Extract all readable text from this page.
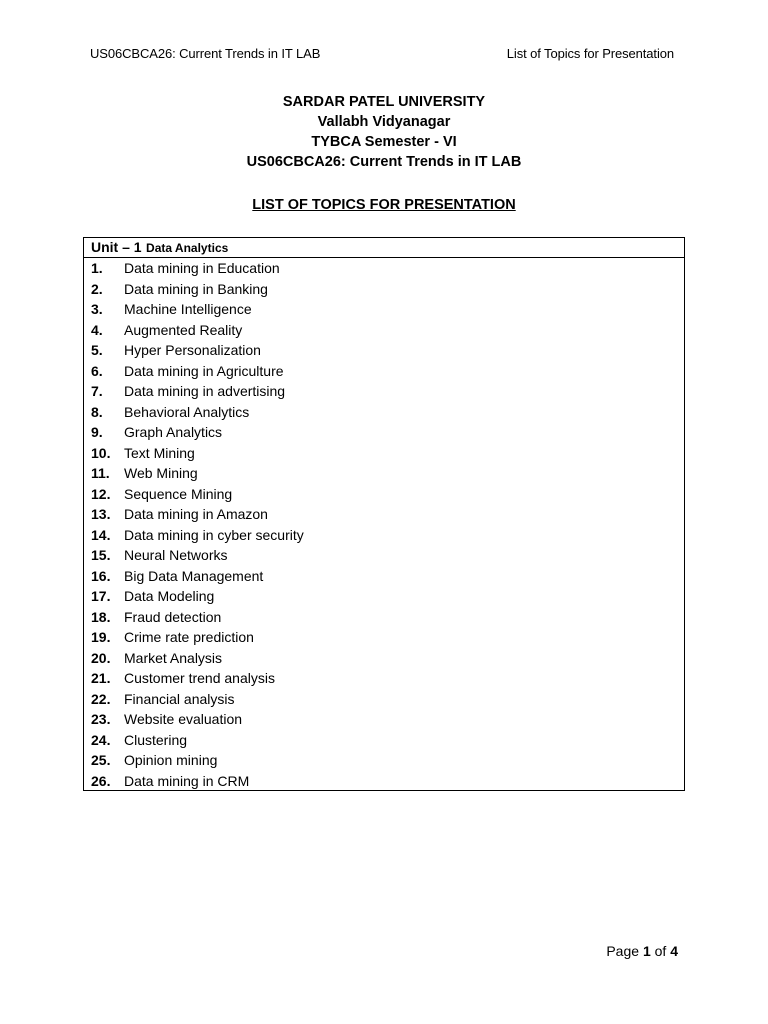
US06CBCA26: Current Trends in IT LAB	List of Topics for Presentation
SARDAR PATEL UNIVERSITY
Vallabh Vidyanagar
TYBCA Semester - VI
US06CBCA26: Current Trends in IT LAB
LIST OF TOPICS FOR PRESENTATION
Unit – 1 Data Analytics
1. Data mining in Education
2. Data mining in Banking
3. Machine Intelligence
4. Augmented Reality
5. Hyper Personalization
6. Data mining in Agriculture
7. Data mining in advertising
8. Behavioral Analytics
9. Graph Analytics
10. Text Mining
11. Web Mining
12. Sequence Mining
13. Data mining in Amazon
14. Data mining in cyber security
15. Neural Networks
16. Big Data Management
17. Data Modeling
18. Fraud detection
19. Crime rate prediction
20. Market Analysis
21. Customer trend analysis
22. Financial analysis
23. Website evaluation
24. Clustering
25. Opinion mining
26. Data mining in CRM
Page 1 of 4
